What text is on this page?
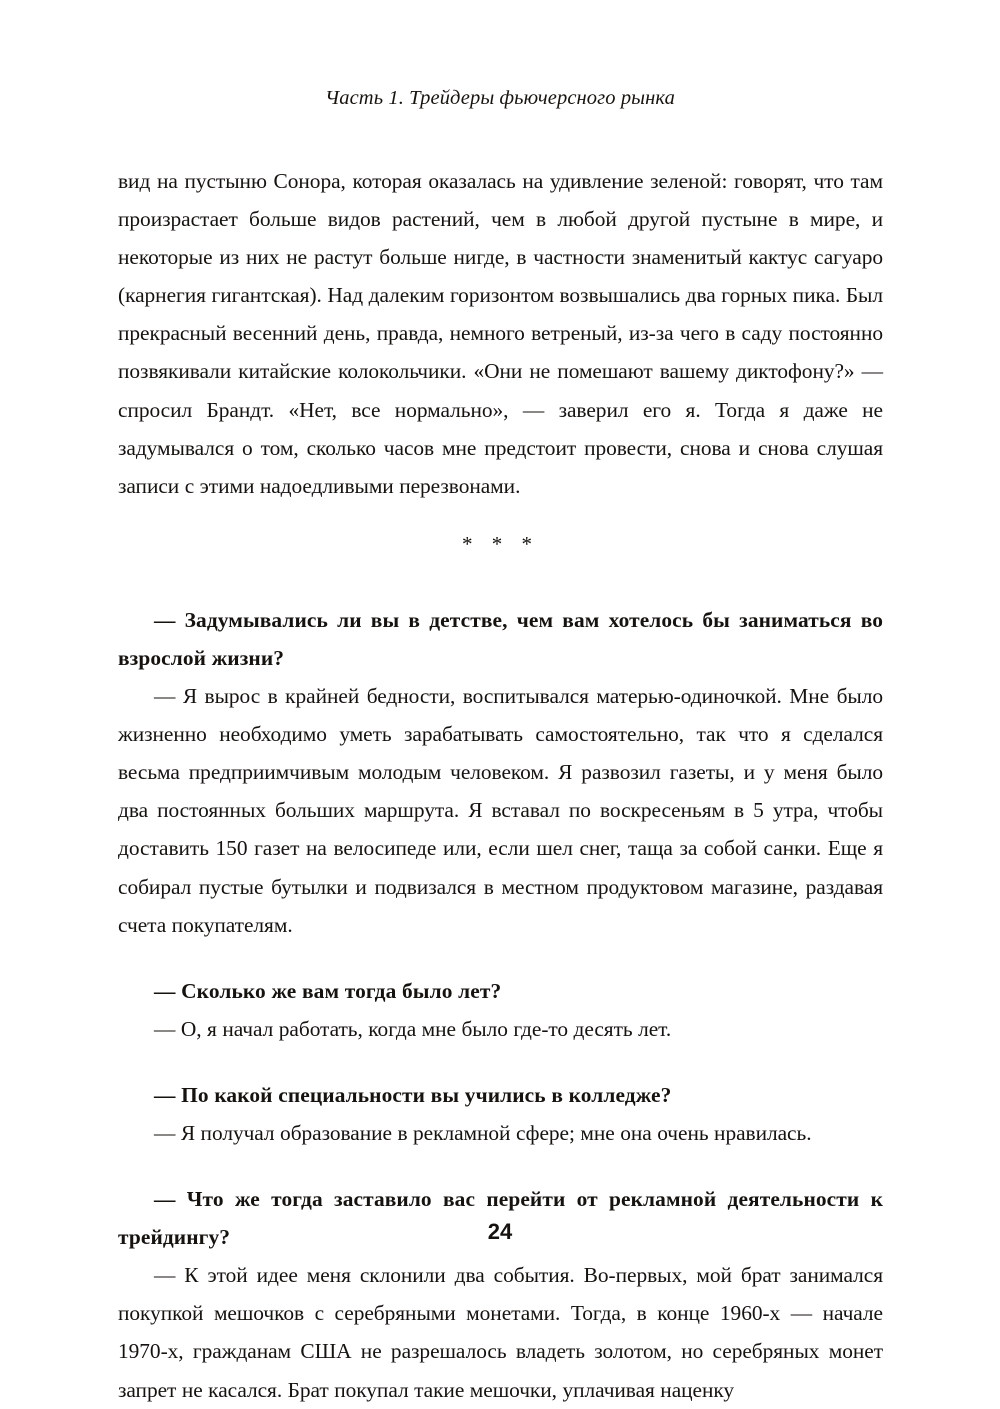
Часть 1. Трейдеры фьючерсного рынка

вид на пустыню Сонора, которая оказалась на удивление зеленой: говорят, что там произрастает больше видов растений, чем в любой другой пустыне в мире, и некоторые из них не растут больше нигде, в частности знаменитый кактус сагуаро (карнегия гигантская). Над далеким горизонтом возвышались два горных пика. Был прекрасный весенний день, правда, немного ветреный, из-за чего в саду постоянно позвякивали китайские колокольчики. «Они не помешают вашему диктофону?» — спросил Брандт. «Нет, все нормально», — заверил его я. Тогда я даже не задумывался о том, сколько часов мне предстоит провести, снова и снова слушая записи с этими надоедливыми перезвонами.

* * *

— Задумывались ли вы в детстве, чем вам хотелось бы заниматься во взрослой жизни?

— Я вырос в крайней бедности, воспитывался матерью-одиночкой. Мне было жизненно необходимо уметь зарабатывать самостоятельно, так что я сделался весьма предприимчивым молодым человеком. Я развозил газеты, и у меня было два постоянных больших маршрута. Я вставал по воскресеньям в 5 утра, чтобы доставить 150 газет на велосипеде или, если шел снег, таща за собой санки. Еще я собирал пустые бутылки и подвизался в местном продуктовом магазине, раздавая счета покупателям.

— Сколько же вам тогда было лет?

— О, я начал работать, когда мне было где-то десять лет.

— По какой специальности вы учились в колледже?

— Я получал образование в рекламной сфере; мне она очень нравилась.

— Что же тогда заставило вас перейти от рекламной деятельности к трейдингу?

— К этой идее меня склонили два события. Во-первых, мой брат занимался покупкой мешочков с серебряными монетами. Тогда, в конце 1960-х — начале 1970-х, гражданам США не разрешалось владеть золотом, но серебряных монет запрет не касался. Брат покупал такие мешочки, уплачивая наценку

24
